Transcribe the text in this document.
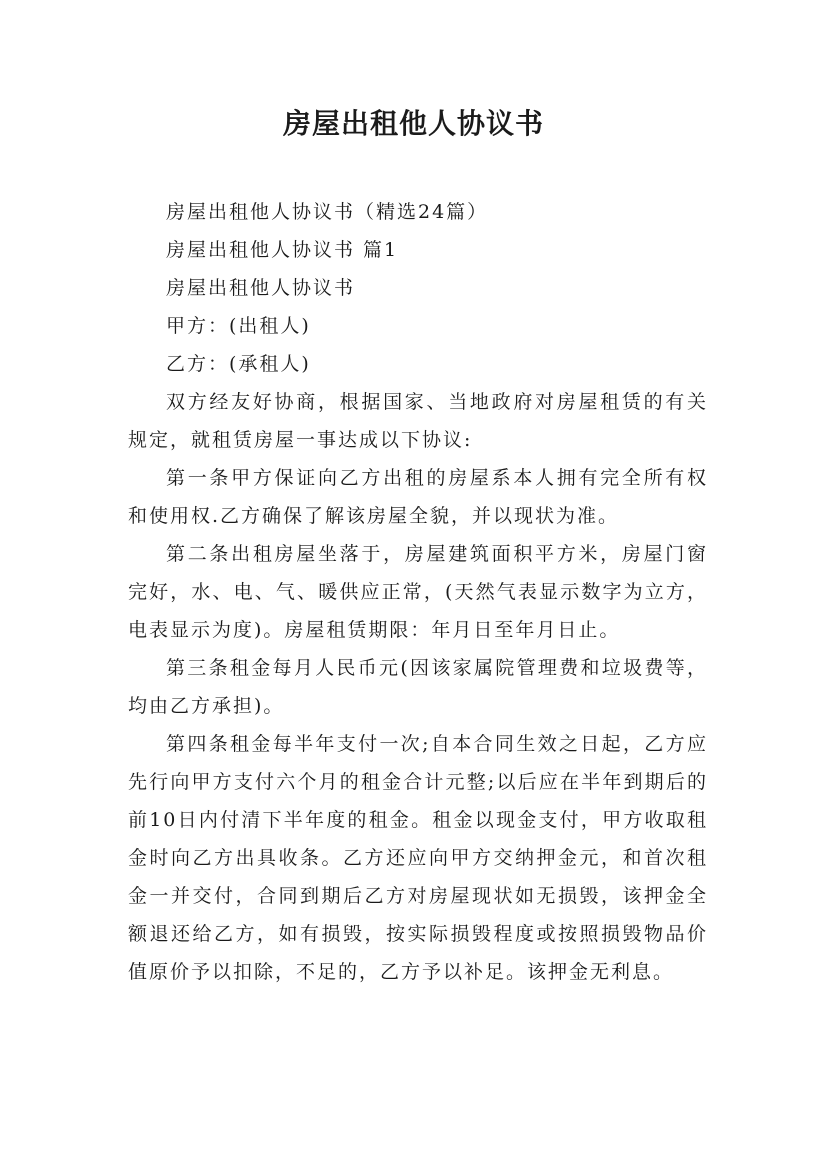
房屋出租他人协议书

房屋出租他人协议书（精选24篇）

房屋出租他人协议书 篇1

房屋出租他人协议书

甲方：(出租人)

乙方：(承租人)

双方经友好协商，根据国家、当地政府对房屋租赁的有关规定，就租赁房屋一事达成以下协议:

第一条甲方保证向乙方出租的房屋系本人拥有完全所有权和使用权.乙方确保了解该房屋全貌，并以现状为准。

第二条出租房屋坐落于，房屋建筑面积平方米，房屋门窗完好，水、电、气、暖供应正常，(天然气表显示数字为立方，电表显示为度)。房屋租赁期限：年月日至年月日止。

第三条租金每月人民币元(因该家属院管理费和垃圾费等，均由乙方承担)。

第四条租金每半年支付一次;自本合同生效之日起，乙方应先行向甲方支付六个月的租金合计元整;以后应在半年到期后的前10日内付清下半年度的租金。租金以现金支付，甲方收取租金时向乙方出具收条。乙方还应向甲方交纳押金元，和首次租金一并交付，合同到期后乙方对房屋现状如无损毁，该押金全额退还给乙方，如有损毁，按实际损毁程度或按照损毁物品价值原价予以扣除，不足的，乙方予以补足。该押金无利息。
